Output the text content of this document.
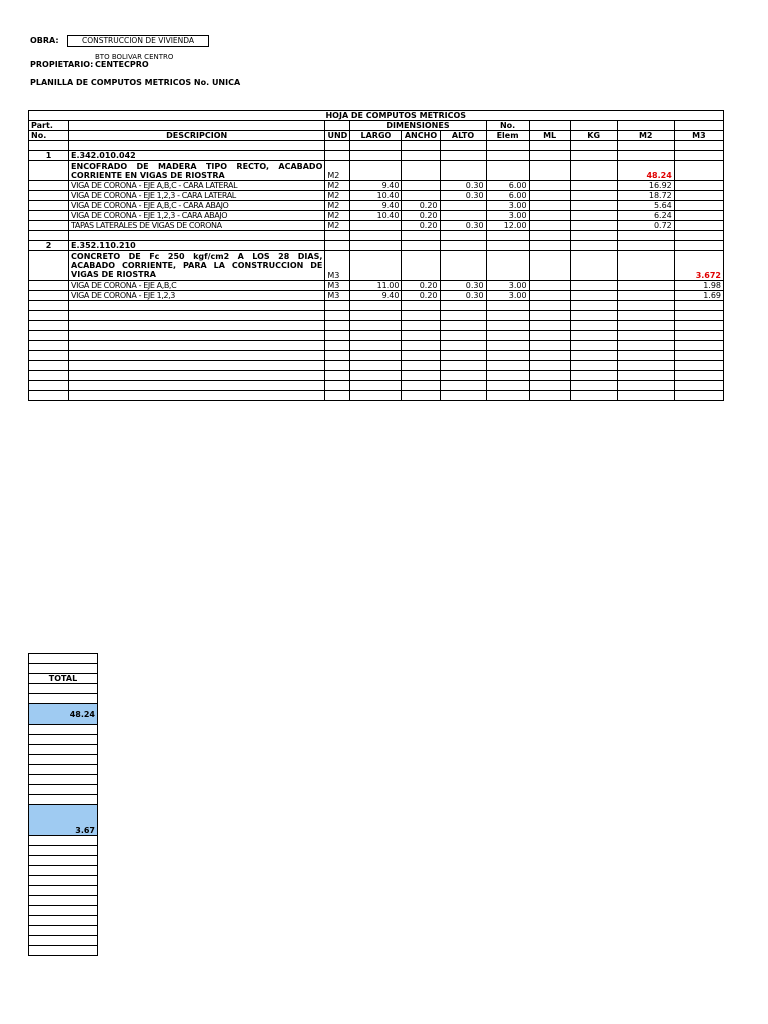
OBRA:	CONSTRUCCION DE VIVIENDA
PROPIETARIO:
BTO BOLIVAR CENTRO
CENTECPRO
PLANILLA DE COMPUTOS METRICOS No. UNICA
	HOJA DE COMPUTOS METRICOS									
Part.			DIMENSIONES			No.				
No.	DESCRIPCION	UND	LARGO	ANCHO	ALTO	Elem	ML	KG	M2	M3

1	E.342.010.042									
	ENCOFRADO DE MADERA TIPO RECTO, ACABADO CORRIENTE EN VIGAS DE RIOSTRA	M2							48.24	
	VIGA DE CORONA - EJE A,B,C - CARA LATERAL	M2	9.40		0.30	6.00			16.92	
	VIGA DE CORONA - EJE 1,2,3 - CARA LATERAL	M2	10.40		0.30	6.00			18.72	
	VIGA DE CORONA - EJE A,B,C - CARA ABAJO	M2	9.40	0.20		3.00			5.64	
	VIGA DE CORONA - EJE 1,2,3 - CARA ABAJO	M2	10.40	0.20		3.00			6.24	
	TAPAS LATERALES DE VIGAS DE CORONA	M2		0.20	0.30	12.00			0.72	

2	E.352.110.210									
	CONCRETO DE Fc 250 kgf/cm2 A LOS 28 DIAS, ACABADO CORRIENTE, PARA LA CONSTRUCCION DE VIGAS DE RIOSTRA	M3								3.672
	VIGA DE CORONA - EJE A,B,C	M3	11.00	0.20	0.30	3.00				1.98
	VIGA DE CORONA - EJE 1,2,3	M3	9.40	0.20	0.30	3.00				1.69

TOTAL

48.24

3.67
